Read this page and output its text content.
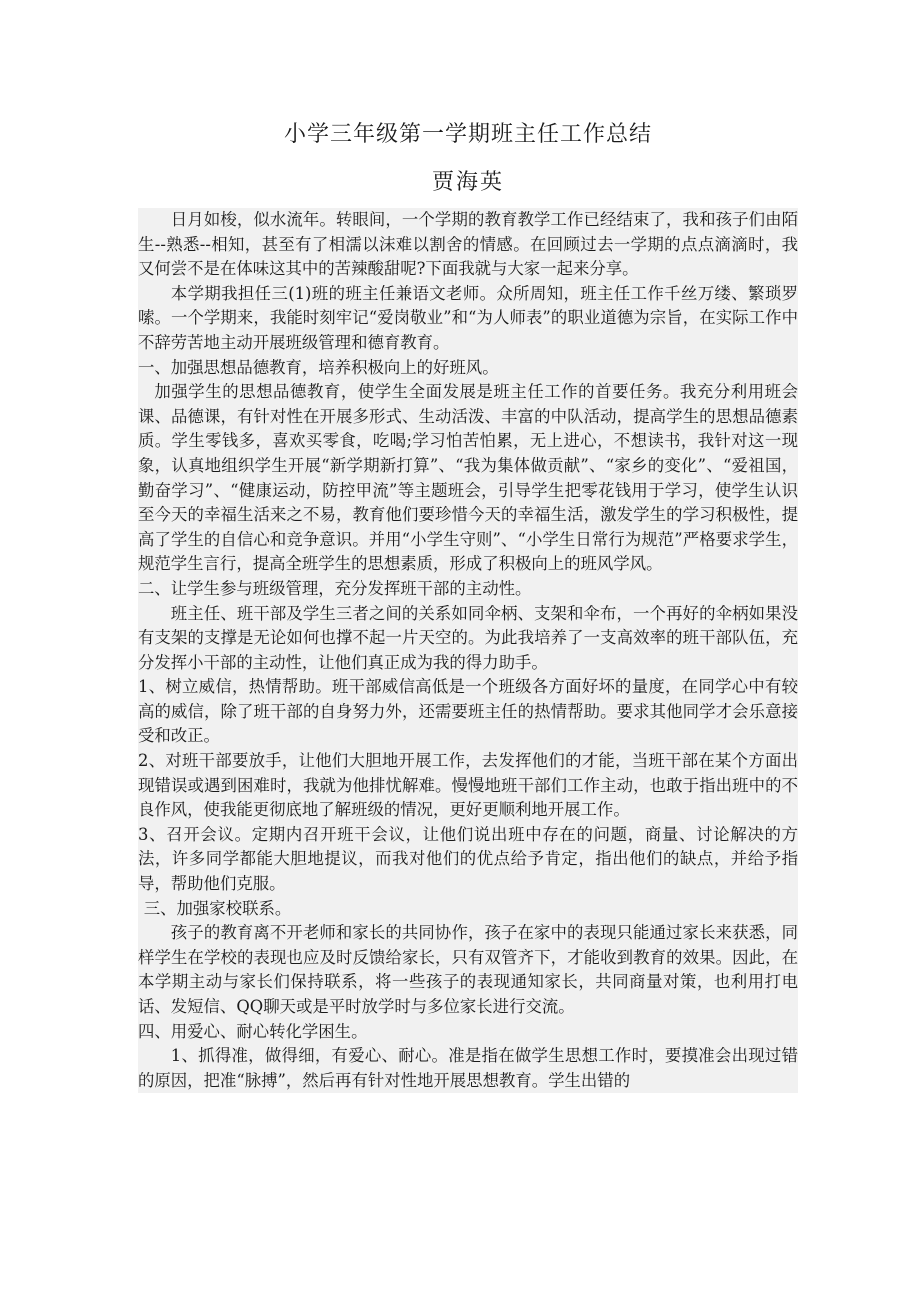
小学三年级第一学期班主任工作总结
贾海英

日月如梭，似水流年。转眼间，一个学期的教育教学工作已经结束了，我和孩子们由陌生--熟悉--相知，甚至有了相濡以沫难以割舍的情感。在回顾过去一学期的点点滴滴时，我又何尝不是在体味这其中的苦辣酸甜呢?下面我就与大家一起来分享。

本学期我担任三(1)班的班主任兼语文老师。众所周知，班主任工作千丝万缕、繁琐罗嗦。一个学期来，我能时刻牢记“爱岗敬业”和“为人师表”的职业道德为宗旨，在实际工作中不辞劳苦地主动开展班级管理和德育教育。

一、加强思想品德教育，培养积极向上的好班风。

加强学生的思想品德教育，使学生全面发展是班主任工作的首要任务。我充分利用班会课、品德课，有针对性在开展多形式、生动活泼、丰富的中队活动，提高学生的思想品德素质。学生零钱多，喜欢买零食，吃喝;学习怕苦怕累，无上进心，不想读书，我针对这一现象，认真地组织学生开展“新学期新打算”、“我为集体做贡献”、“家乡的变化”、“爱祖国，勤奋学习”、“健康运动，防控甲流”等主题班会，引导学生把零花钱用于学习，使学生认识至今天的幸福生活来之不易，教育他们要珍惜今天的幸福生活，激发学生的学习积极性，提高了学生的自信心和竞争意识。并用“小学生守则”、“小学生日常行为规范”严格要求学生，规范学生言行，提高全班学生的思想素质，形成了积极向上的班风学风。

二、让学生参与班级管理，充分发挥班干部的主动性。

班主任、班干部及学生三者之间的关系如同伞柄、支架和伞布，一个再好的伞柄如果没有支架的支撑是无论如何也撑不起一片天空的。为此我培养了一支高效率的班干部队伍，充分发挥小干部的主动性，让他们真正成为我的得力助手。

1、树立威信，热情帮助。班干部威信高低是一个班级各方面好坏的量度，在同学心中有较高的威信，除了班干部的自身努力外，还需要班主任的热情帮助。要求其他同学才会乐意接受和改正。

2、对班干部要放手，让他们大胆地开展工作，去发挥他们的才能，当班干部在某个方面出现错误或遇到困难时，我就为他排忧解难。慢慢地班干部们工作主动，也敢于指出班中的不良作风，使我能更彻底地了解班级的情况，更好更顺利地开展工作。

3、召开会议。定期内召开班干会议，让他们说出班中存在的问题，商量、讨论解决的方法，许多同学都能大胆地提议，而我对他们的优点给予肯定，指出他们的缺点，并给予指导，帮助他们克服。

三、加强家校联系。

孩子的教育离不开老师和家长的共同协作，孩子在家中的表现只能通过家长来获悉，同样学生在学校的表现也应及时反馈给家长，只有双管齐下，才能收到教育的效果。因此，在本学期主动与家长们保持联系，将一些孩子的表现通知家长，共同商量对策，也利用打电话、发短信、QQ聊天或是平时放学时与多位家长进行交流。

四、用爱心、耐心转化学困生。

1、抓得准，做得细，有爱心、耐心。准是指在做学生思想工作时，要摸准会出现过错的原因，把准“脉搏”，然后再有针对性地开展思想教育。学生出错的
